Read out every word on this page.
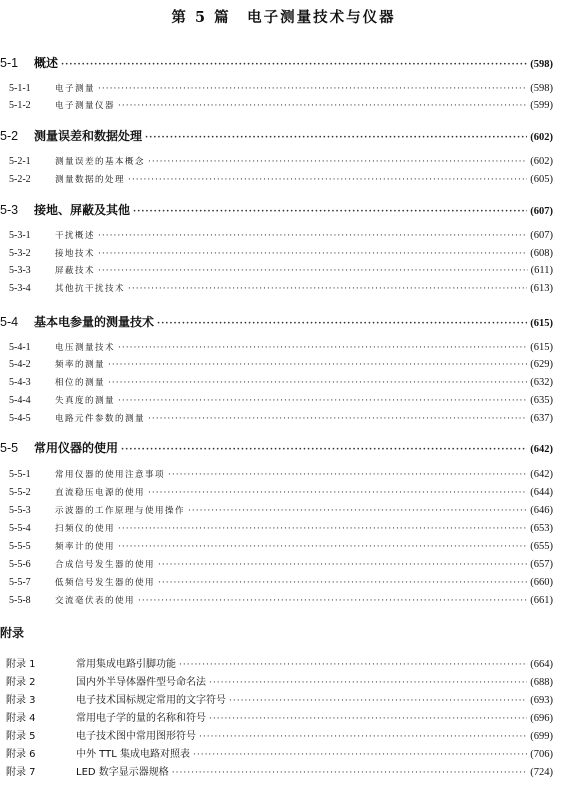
第 5 篇　电子测量技术与仪器
5-1	概述 ·····	(598)
5-1-1	电子测量 ·····	(598)
5-1-2	电子测量仪器 ·····	(599)
5-2	测量误差和数据处理 ·····	(602)
5-2-1	测量误差的基本概念 ·····	(602)
5-2-2	测量数据的处理 ·····	(605)
5-3	接地、屏蔽及其他 ·····	(607)
5-3-1	干扰概述 ·····	(607)
5-3-2	接地技术 ·····	(608)
5-3-3	屏蔽技术 ·····	(611)
5-3-4	其他抗干扰技术 ·····	(613)
5-4	基本电参量的测量技术 ·····	(615)
5-4-1	电压测量技术 ·····	(615)
5-4-2	频率的测量 ·····	(629)
5-4-3	相位的测量 ·····	(632)
5-4-4	失真度的测量 ·····	(635)
5-4-5	电路元件参数的测量 ·····	(637)
5-5	常用仪器的使用 ·····	(642)
5-5-1	常用仪器的使用注意事项 ·····	(642)
5-5-2	直流稳压电源的使用 ·····	(644)
5-5-3	示波器的工作原理与使用操作 ·····	(646)
5-5-4	扫频仪的使用 ·····	(653)
5-5-5	频率计的使用 ·····	(655)
5-5-6	合成信号发生器的使用 ·····	(657)
5-5-7	低频信号发生器的使用 ·····	(660)
5-5-8	交流毫伏表的使用 ·····	(661)
附录
附录 1	常用集成电路引脚功能 ·····	(664)
附录 2	国内外半导体器件型号命名法 ·····	(688)
附录 3	电子技术国标规定常用的文字符号 ·····	(693)
附录 4	常用电子学的量的名称和符号 ·····	(696)
附录 5	电子技术图中常用图形符号 ·····	(699)
附录 6	中外 TTL 集成电路对照表 ·····	(706)
附录 7	LED 数字显示器规格 ·····	(724)
